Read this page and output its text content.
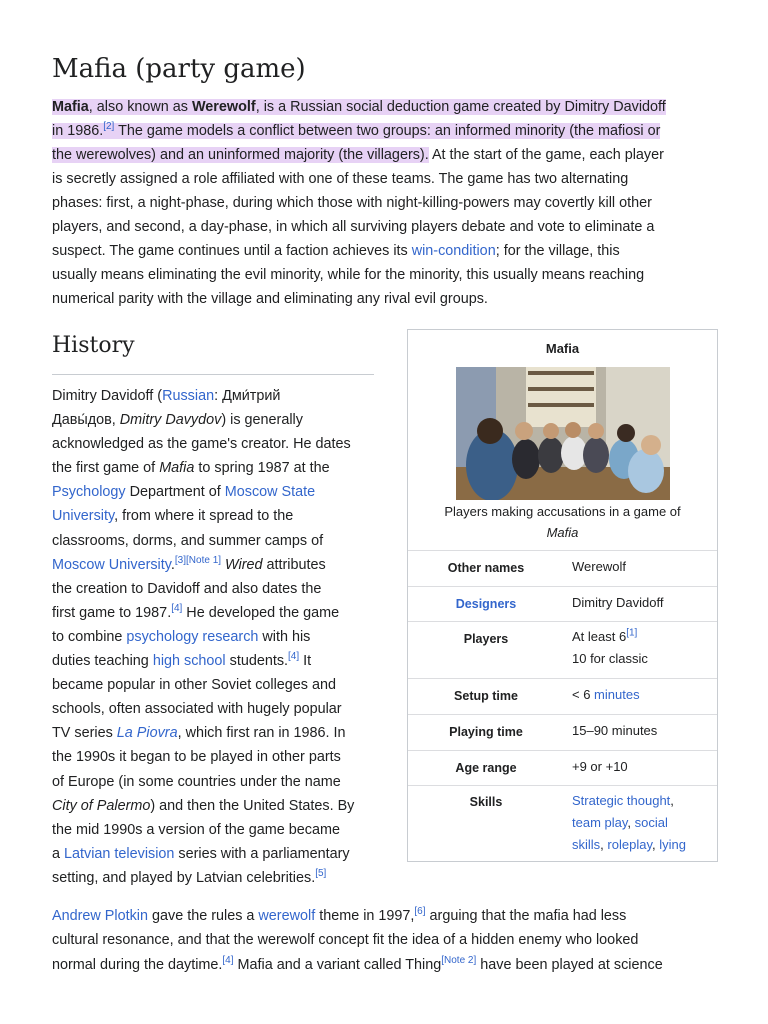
Mafia (party game)

Mafia, also known as Werewolf, is a Russian social deduction game created by Dimitry Davidoff
in 1986.[2] The game models a conflict between two groups: an informed minority (the mafiosi or
the werewolves) and an uninformed majority (the villagers). At the start of the game, each player
is secretly assigned a role affiliated with one of these teams. The game has two alternating
phases: first, a night-phase, during which those with night-killing-powers may covertly kill other
players, and second, a day-phase, in which all surviving players debate and vote to eliminate a
suspect. The game continues until a faction achieves its win-condition; for the village, this
usually means eliminating the evil minority, while for the minority, this usually means reaching
numerical parity with the village and eliminating any rival evil groups.

History

Dimitry Davidoff (Russian: Дми́трий
Давы́дов, Dmitry Davydov) is generally
acknowledged as the game's creator. He dates
the first game of Mafia to spring 1987 at the
Psychology Department of Moscow State
University, from where it spread to the
classrooms, dorms, and summer camps of
Moscow University.[3][Note 1] Wired attributes
the creation to Davidoff and also dates the
first game to 1987.[4] He developed the game
to combine psychology research with his
duties teaching high school students.[4] It
became popular in other Soviet colleges and
schools, often associated with hugely popular
TV series La Piovra, which first ran in 1986. In
the 1990s it began to be played in other parts
of Europe (in some countries under the name
City of Palermo) and then the United States. By
the mid 1990s a version of the game became
a Latvian television series with a parliamentary
setting, and played by Latvian celebrities.[5]

Andrew Plotkin gave the rules a werewolf theme in 1997,[6] arguing that the mafia had less
cultural resonance, and that the werewolf concept fit the idea of a hidden enemy who looked
normal during the daytime.[4] Mafia and a variant called Thing[Note 2] have been played at science

Mafia
Players making accusations in a game of
Mafia
Other names	Werewolf
Designers	Dimitry Davidoff
Players	At least 6[1]
10 for classic
Setup time	< 6 minutes
Playing time	15–90 minutes
Age range	+9 or +10
Skills	Strategic thought,
team play, social
skills, roleplay, lying
